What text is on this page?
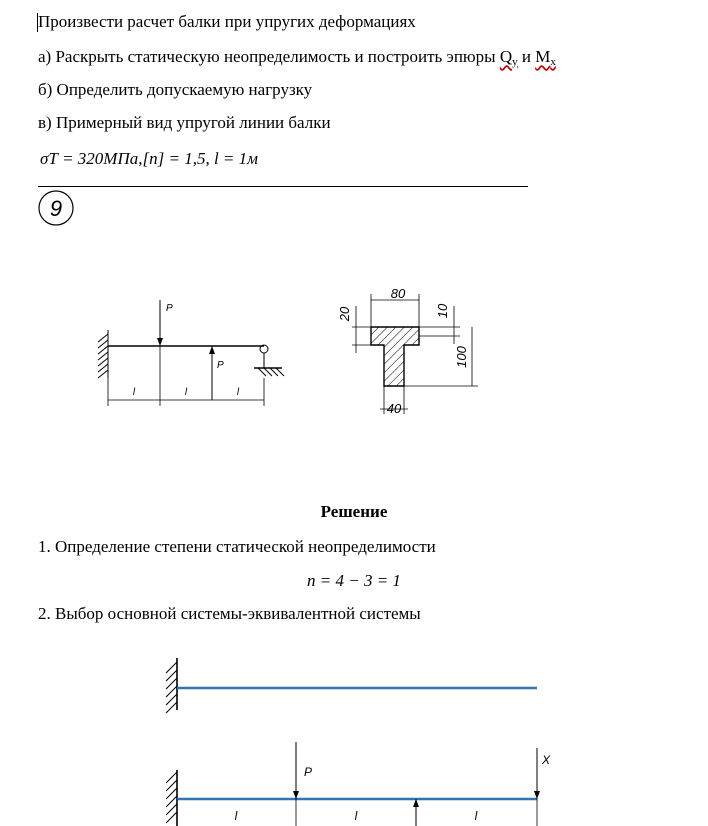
Произвести расчет балки при упругих деформациях
а) Раскрыть статическую неопределимость и построить эпюры $Q_y$ и $M_x$
б) Определить допускаемую нагрузку
в) Примерный вид упругой линии балки
σТ = 320МПа,[n] = 1,5, l = 1м
9
P
P
l	l	l
80
20	10
100
40
Решение
1. Определение степени статической неопределимости
n = 4 − 3 = 1
2. Выбор основной системы-эквивалентной системы
P
X
l	l	l
